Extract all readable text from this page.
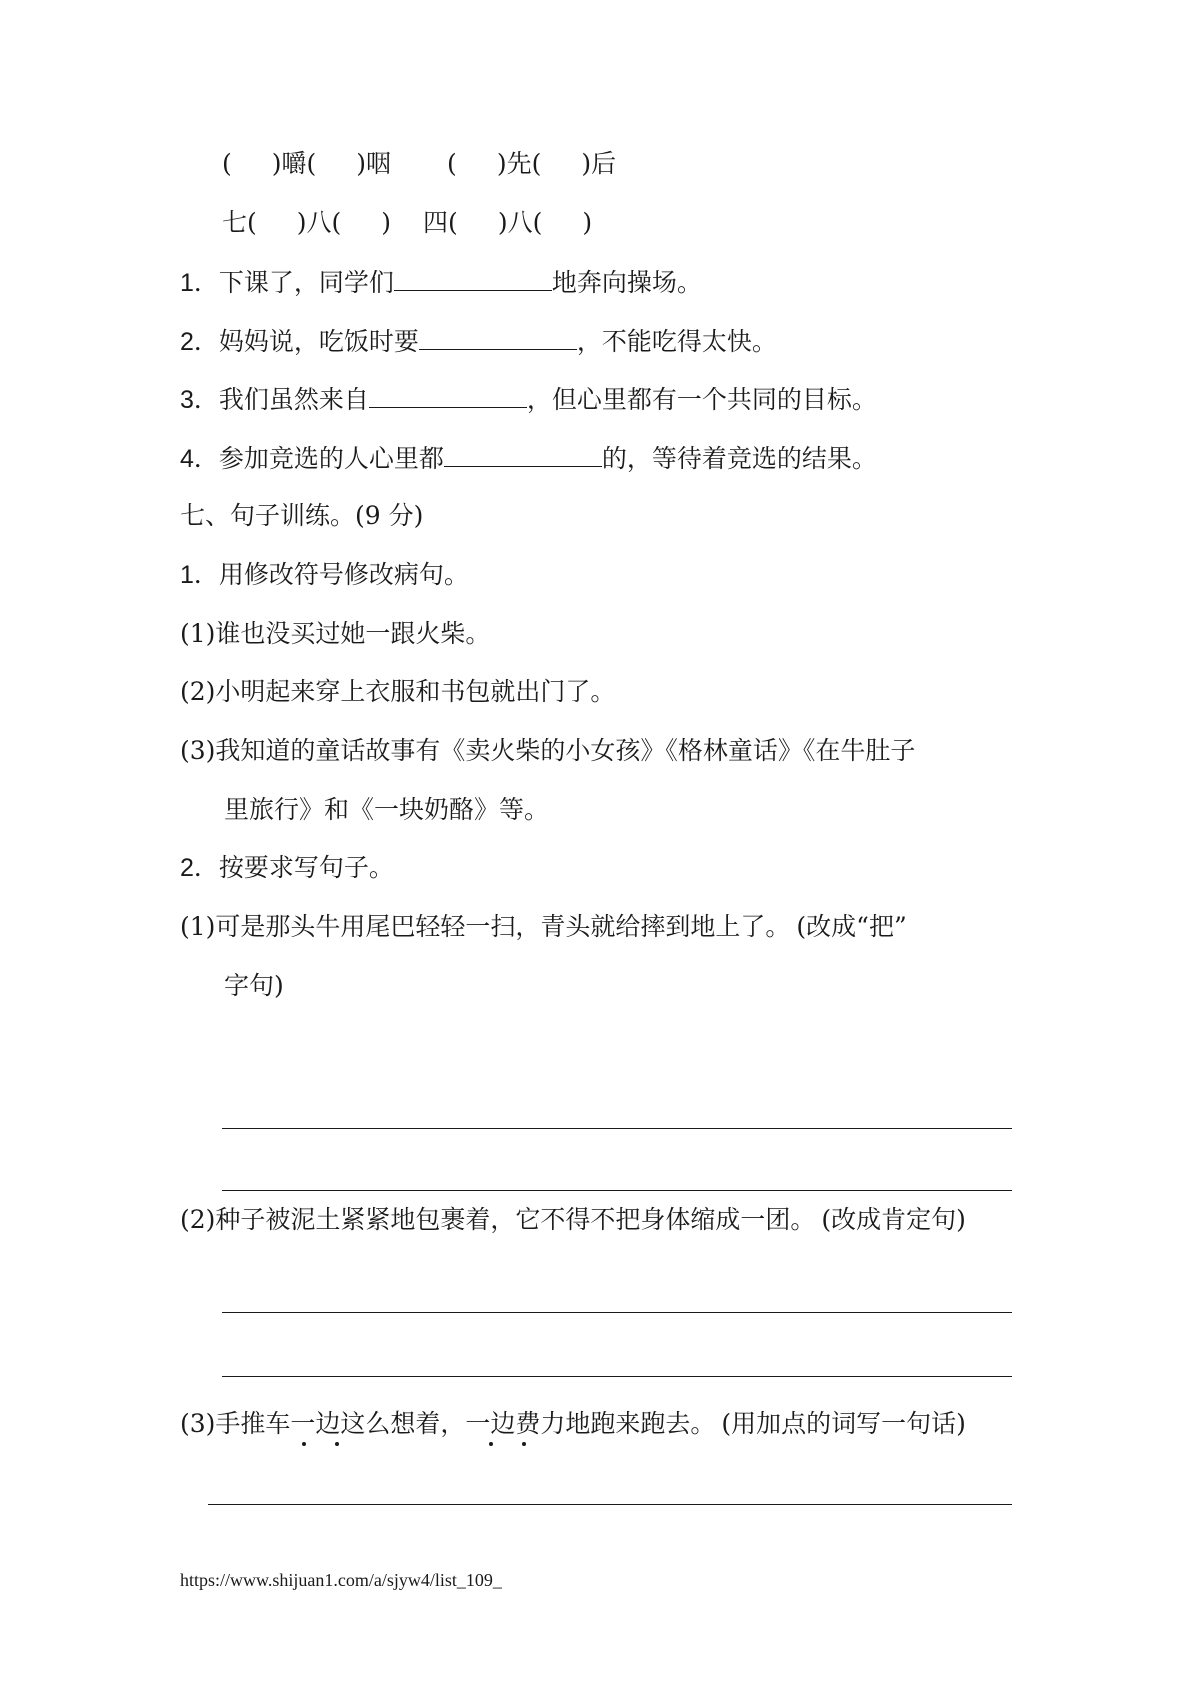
( )嚼( )咽 ( )先( )后
七( )八( ) 四( )八( )
1．下课了，同学们	地奔向操场。
2．妈妈说，吃饭时要	，不能吃得太快。
3．我们虽然来自	，但心里都有一个共同的目标。
4．参加竞选的人心里都	的，等待着竞选的结果。
七、句子训练。(9 分)
1．用修改符号修改病句。
(1)谁也没买过她一跟火柴。
(2)小明起来穿上衣服和书包就出门了。
(3)我知道的童话故事有《卖火柴的小女孩》《格林童话》《在牛肚子
里旅行》和《一块奶酪》等。
2．按要求写句子。
(1)可是那头牛用尾巴轻轻一扫，青头就给摔到地上了。 (改成“把”
字句)
(2)种子被泥土紧紧地包裹着，它不得不把身体缩成一团。 (改成肯定句)
(3)手推车一边这么想着，一边费力地跑来跑去。 (用加点的词写一句话)
https://www.shijuan1.com/a/sjyw4/list_109_
